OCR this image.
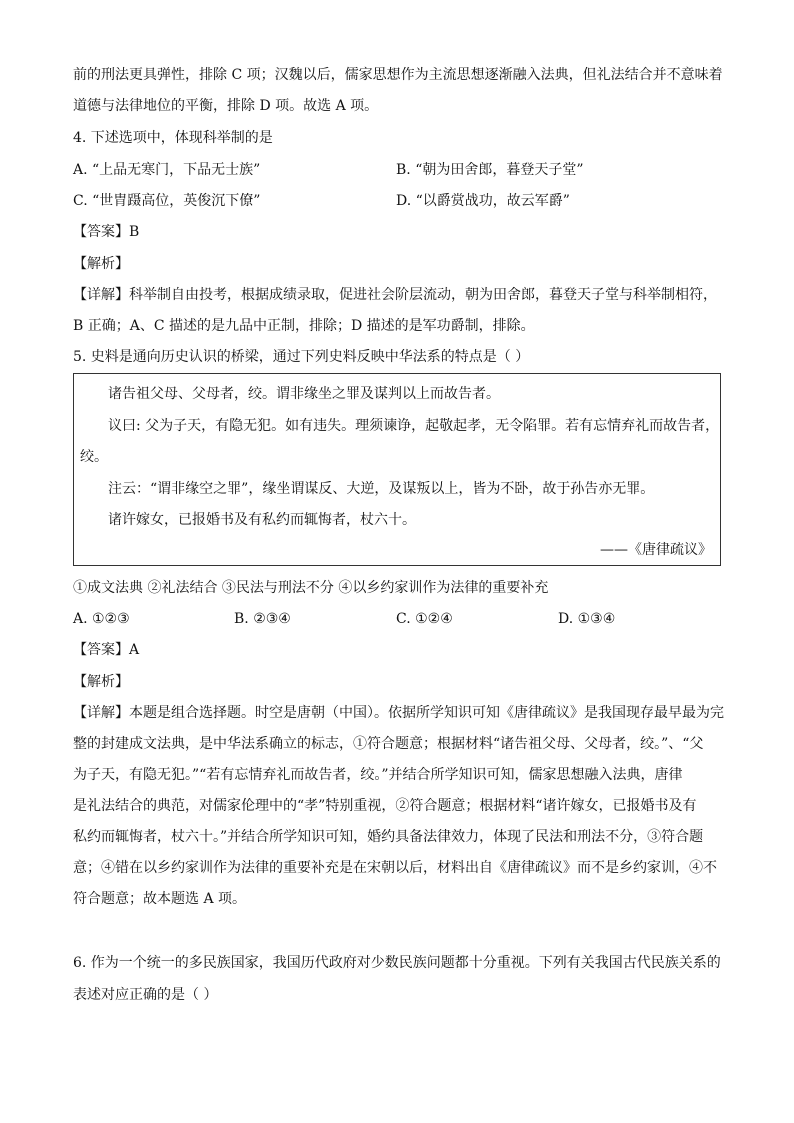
前的刑法更具弹性，排除 C 项；汉魏以后，儒家思想作为主流思想逐渐融入法典，但礼法结合并不意味着
道德与法律地位的平衡，排除 D 项。故选 A 项。
4. 下述选项中，体现科举制的是
A. “上品无寒门，下品无士族”	B. “朝为田舍郎，暮登天子堂”
C. “世胄蹑高位，英俊沉下僚”	D. “以爵赏战功，故云军爵”
【答案】B
【解析】
【详解】科举制自由投考，根据成绩录取，促进社会阶层流动，朝为田舍郎，暮登天子堂与科举制相符，
B 正确；A、C 描述的是九品中正制，排除；D 描述的是军功爵制，排除。
5. 史料是通向历史认识的桥梁，通过下列史料反映中华法系的特点是（ ）
诸告祖父母、父母者，绞。谓非缘坐之罪及谋判以上而故告者。
议曰: 父为子天，有隐无犯。如有违失。理须谏诤，起敬起孝，无令陷罪。若有忘情弃礼而故告者，
绞。
注云：“谓非缘空之罪”，缘坐谓谋反、大逆，及谋叛以上，皆为不卧，故于孙告亦无罪。
诸许嫁女，已报婚书及有私约而辄悔者，杖六十。
——《唐律疏议》
①成文法典 ②礼法结合 ③民法与刑法不分 ④以乡约家训作为法律的重要补充
A. ①②③	B. ②③④	C. ①②④	D. ①③④
【答案】A
【解析】
【详解】本题是组合选择题。时空是唐朝（中国）。依据所学知识可知《唐律疏议》是我国现存最早最为完
整的封建成文法典，是中华法系确立的标志，①符合题意；根据材料“诸告祖父母、父母者，绞。”、“父
为子天，有隐无犯。”“若有忘情弃礼而故告者，绞。”并结合所学知识可知，儒家思想融入法典，唐律
是礼法结合的典范，对儒家伦理中的“孝”特别重视，②符合题意；根据材料“诸许嫁女，已报婚书及有
私约而辄悔者，杖六十。”并结合所学知识可知，婚约具备法律效力，体现了民法和刑法不分，③符合题
意；④错在以乡约家训作为法律的重要补充是在宋朝以后，材料出自《唐律疏议》而不是乡约家训，④不
符合题意；故本题选 A 项。
6. 作为一个统一的多民族国家，我国历代政府对少数民族问题都十分重视。下列有关我国古代民族关系的
表述对应正确的是（ ）
